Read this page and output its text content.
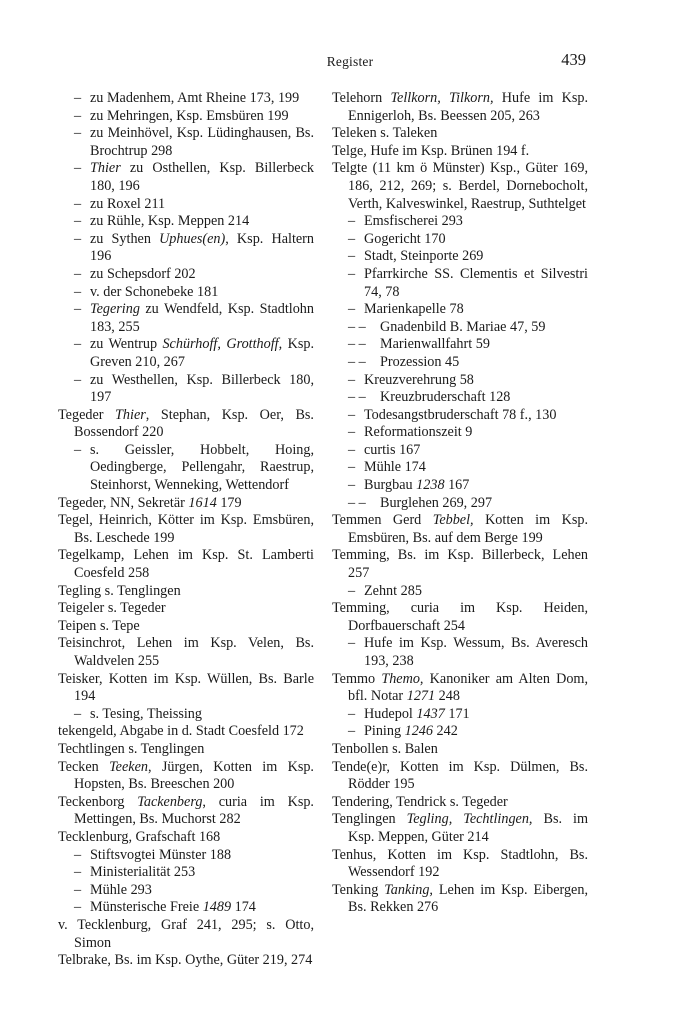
Register	439

– zu Madenhem, Amt Rheine 173, 199

– zu Mehringen, Ksp. Emsbüren 199

– zu Meinhövel, Ksp. Lüdinghausen, Bs. Brochtrup 298

– Thier zu Osthellen, Ksp. Billerbeck 180, 196

– zu Roxel 211

– zu Rühle, Ksp. Meppen 214

– zu Sythen Uphues(en), Ksp. Haltern 196

– zu Schepsdorf 202

– v. der Schonebeke 181

– Tegering zu Wendfeld, Ksp. Stadtlohn 183, 255

– zu Wentrup Schürhoff, Grotthoff, Ksp. Greven 210, 267

– zu Westhellen, Ksp. Billerbeck 180, 197

Tegeder Thier, Stephan, Ksp. Oer, Bs. Bossendorf 220

– s. Geissler, Hobbelt, Hoing, Oedingberge, Pellengahr, Raestrup, Steinhorst, Wenneking, Wettendorf

Tegeder, NN, Sekretär 1614 179

Tegel, Heinrich, Kötter im Ksp. Emsbüren, Bs. Leschede 199

Tegelkamp, Lehen im Ksp. St. Lamberti Coesfeld 258

Tegling s. Tenglingen

Teigeler s. Tegeder

Teipen s. Tepe

Teisinchrot, Lehen im Ksp. Velen, Bs. Waldvelen 255

Teisker, Kotten im Ksp. Wüllen, Bs. Barle 194

– s. Tesing, Theissing

tekengeld, Abgabe in d. Stadt Coesfeld 172

Techtlingen s. Tenglingen

Tecken Teeken, Jürgen, Kotten im Ksp. Hopsten, Bs. Breeschen 200

Teckenborg Tackenberg, curia im Ksp. Mettingen, Bs. Muchorst 282

Tecklenburg, Grafschaft 168

– Stiftsvogtei Münster 188

– Ministerialität 253

– Mühle 293

– Münsterische Freie 1489 174

v. Tecklenburg, Graf 241, 295; s. Otto, Simon

Telbrake, Bs. im Ksp. Oythe, Güter 219, 274

Telehorn Tellkorn, Tilkorn, Hufe im Ksp. Ennigerloh, Bs. Beessen 205, 263

Teleken s. Taleken

Telge, Hufe im Ksp. Brünen 194 f.

Telgte (11 km ö Münster) Ksp., Güter 169, 186, 212, 269; s. Berdel, Dornebocholt, Verth, Kalveswinkel, Raestrup, Suthtelget

– Emsfischerei 293

– Gogericht 170

– Stadt, Steinporte 269

– Pfarrkirche SS. Clementis et Silvestri 74, 78

– Marienkapelle 78

– – Gnadenbild B. Mariae 47, 59

– – Marienwallfahrt 59

– – Prozession 45

– Kreuzverehrung 58

– – Kreuzbruderschaft 128

– Todesangstbruderschaft 78 f., 130

– Reformationszeit 9

– curtis 167

– Mühle 174

– Burgbau 1238 167

– – Burglehen 269, 297

Temmen Gerd Tebbel, Kotten im Ksp. Emsbüren, Bs. auf dem Berge 199

Temming, Bs. im Ksp. Billerbeck, Lehen 257

– Zehnt 285

Temming, curia im Ksp. Heiden, Dorfbauerschaft 254

– Hufe im Ksp. Wessum, Bs. Averesch 193, 238

Temmo Themo, Kanoniker am Alten Dom, bfl. Notar 1271 248

– Hudepol 1437 171

– Pining 1246 242

Tenbollen s. Balen

Tende(e)r, Kotten im Ksp. Dülmen, Bs. Rödder 195

Tendering, Tendrick s. Tegeder

Tenglingen Tegling, Techtlingen, Bs. im Ksp. Meppen, Güter 214

Tenhus, Kotten im Ksp. Stadtlohn, Bs. Wessendorf 192

Tenking Tanking, Lehen im Ksp. Eibergen, Bs. Rekken 276
